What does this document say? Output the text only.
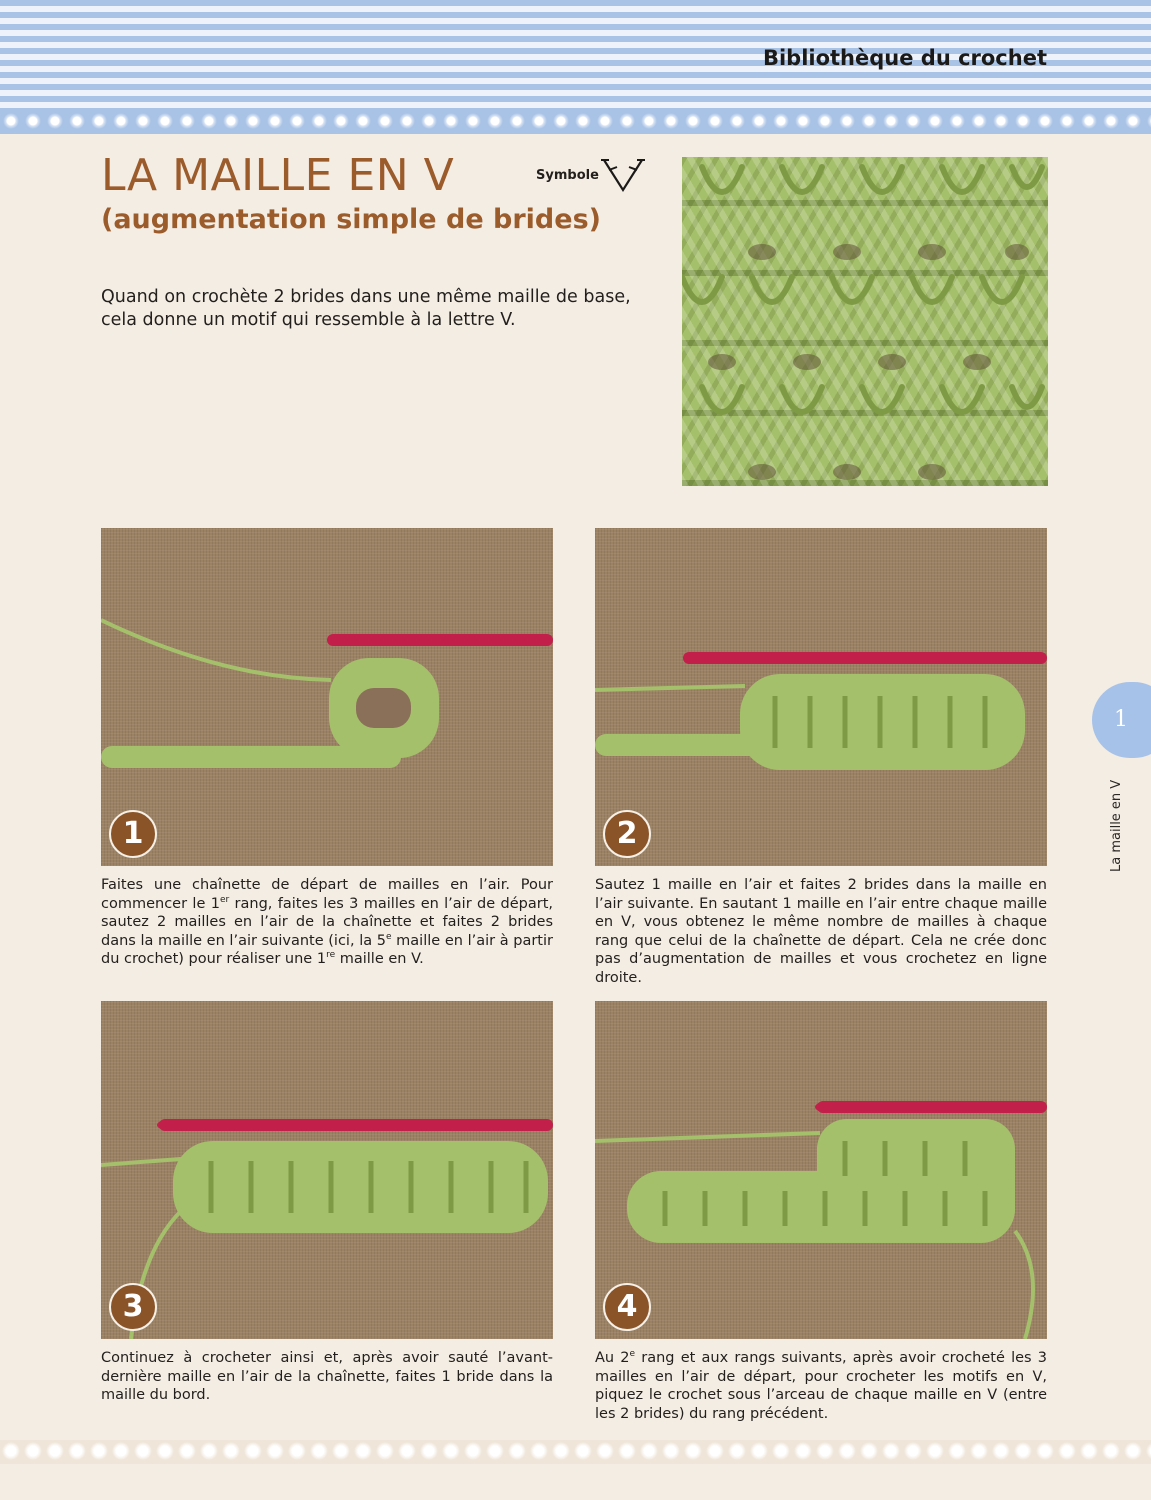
Bibliothèque du crochet
LA MAILLE EN V
(augmentation simple de brides)
Symbole

Quand on crochète 2 brides dans une même maille de base,
cela donne un motif qui ressemble à la lettre V.

1

Faites une chaînette de départ de mailles en l’air. Pour commencer le 1er rang, faites les 3 mailles en l’air de départ, sautez 2 mailles en l’air de la chaînette et faites 2 brides dans la maille en l’air suivante (ici, la 5e maille en l’air à partir du crochet) pour réaliser une 1re maille en V.

2

Sautez 1 maille en l’air et faites 2 brides dans la maille en l’air suivante. En sautant 1 maille en l’air entre chaque maille en V, vous obtenez le même nombre de mailles à chaque rang que celui de la chaînette de départ. Cela ne crée donc pas d’augmentation de mailles et vous crochetez en ligne droite.

3

Continuez à crocheter ainsi et, après avoir sauté l’avant-dernière maille en l’air de la chaînette, faites 1 bride dans la maille du bord.

4

Au 2e rang et aux rangs suivants, après avoir crocheté les 3 mailles en l’air de départ, pour crocheter les motifs en V, piquez le crochet sous l’arceau de chaque maille en V (entre les 2 brides) du rang précédent.

1
La maille en V
